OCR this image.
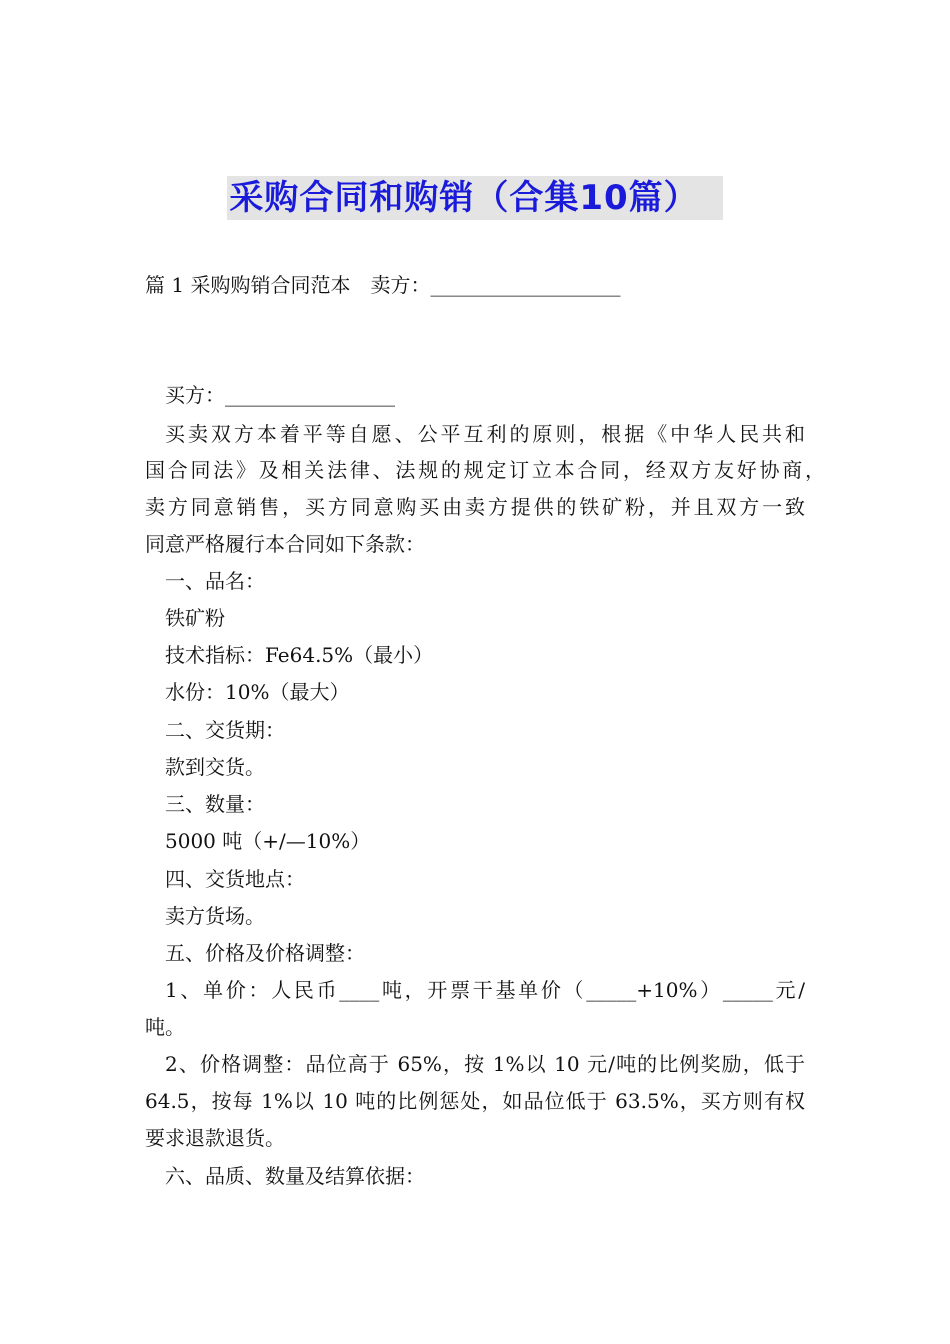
采购合同和购销（合集10篇）
篇 1 采购购销合同范本　卖方：___________________
买方：_________________
买卖双方本着平等自愿、公平互利的原则，根据《中华人民共和
国合同法》及相关法律、法规的规定订立本合同，经双方友好协商，
卖方同意销售，买方同意购买由卖方提供的铁矿粉，并且双方一致
同意严格履行本合同如下条款：
一、品名：
铁矿粉
技术指标：Fe64.5%（最小）
水份：10%（最大）
二、交货期：
款到交货。
三、数量：
5000 吨（+/—10%）
四、交货地点：
卖方货场。
五、价格及价格调整：
1、单价：人民币____吨，开票干基单价（_____+10%）_____元/
吨。
2、价格调整：品位高于 65%，按 1%以 10 元/吨的比例奖励，低于
64.5，按每 1%以 10 吨的比例惩处，如品位低于 63.5%，买方则有权
要求退款退货。
六、品质、数量及结算依据：
